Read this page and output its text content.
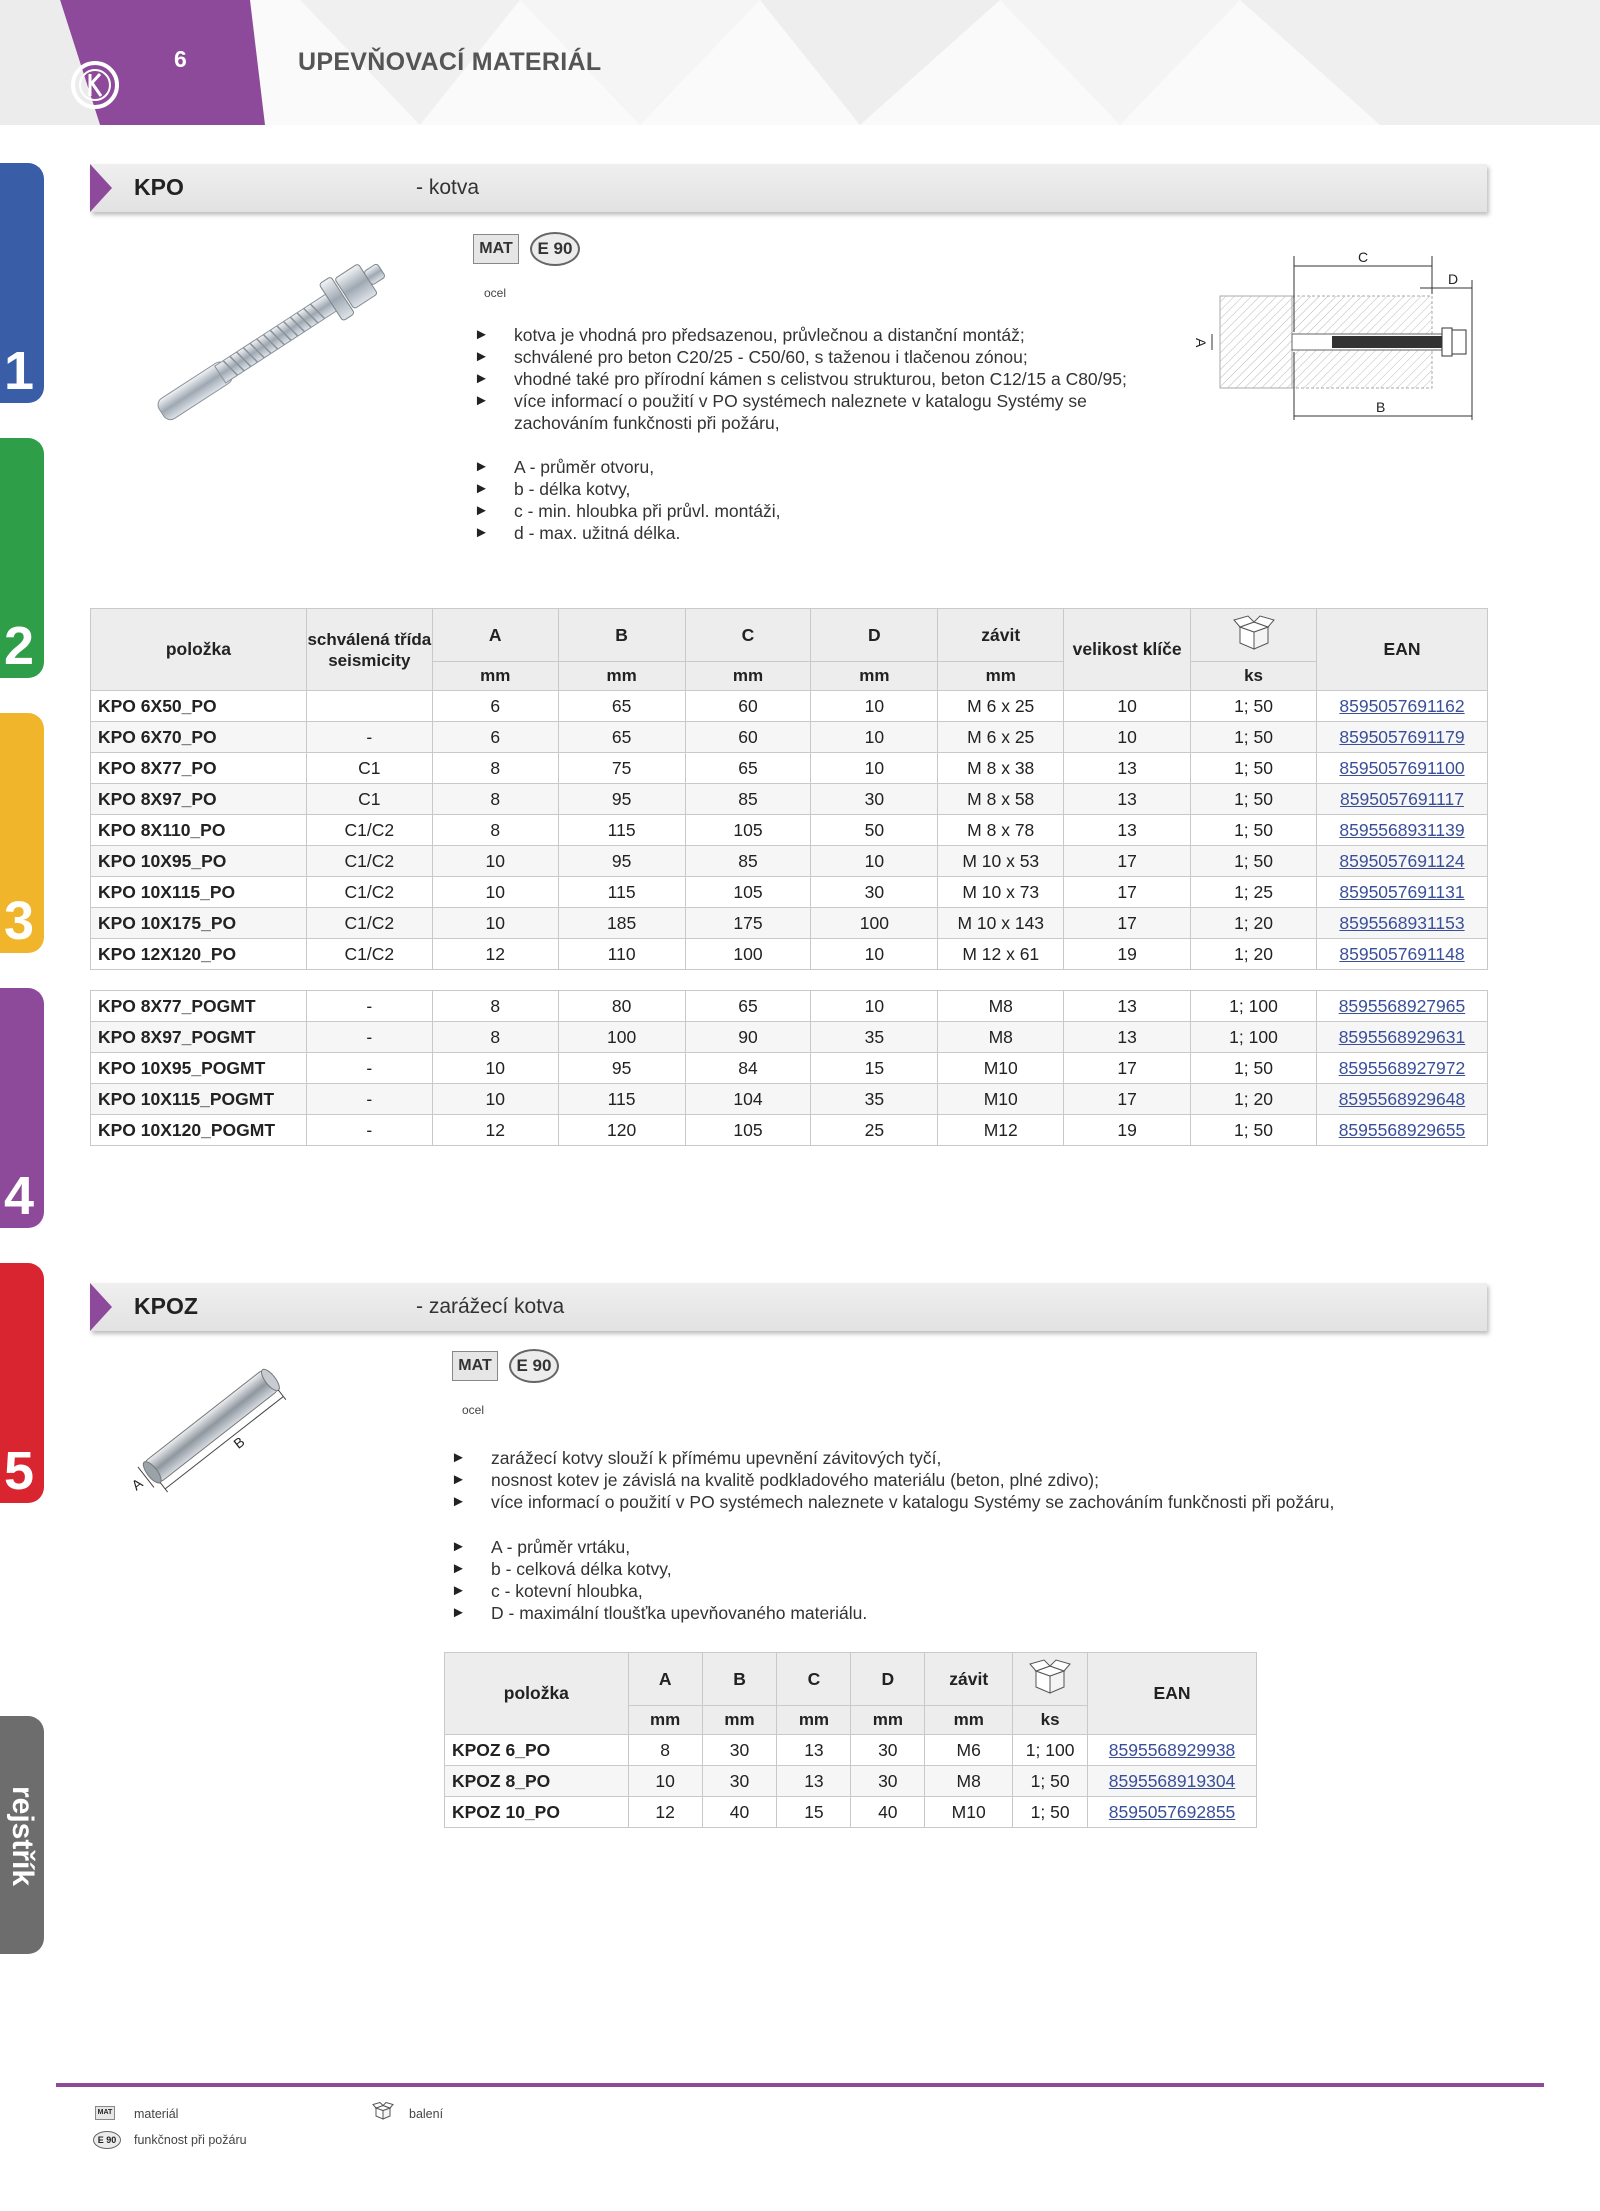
6	UPEVŇOVACÍ MATERIÁL
1
2
3
4
5
rejstřík
KPO	- kotva
MAT	E 90
ocel
► kotva je vhodná pro předsazenou, průvlečnou a distanční montáž;
► schválené pro beton C20/25 - C50/60, s taženou i tlačenou zónou;
► vhodné také pro přírodní kámen s celistvou strukturou, beton C12/15 a C80/95;
► více informací o použití v PO systémech naleznete v katalogu Systémy se zachováním funkčnosti při požáru,
► A - průměr otvoru,
► b - délka kotvy,
► c - min. hloubka při průvl. montáži,
► d - max. užitná délka.
C
D
B
A
položka	schválená třída seismicity	A	B	C	D	závit	velikost klíče		EAN
		mm	mm	mm	mm	mm		ks	
KPO 6X50_PO		6	65	60	10	M 6 x 25	10	1; 50	8595057691162
KPO 6X70_PO	-	6	65	60	10	M 6 x 25	10	1; 50	8595057691179
KPO 8X77_PO	C1	8	75	65	10	M 8 x 38	13	1; 50	8595057691100
KPO 8X97_PO	C1	8	95	85	30	M 8 x 58	13	1; 50	8595057691117
KPO 8X110_PO	C1/C2	8	115	105	50	M 8 x 78	13	1; 50	8595568931139
KPO 10X95_PO	C1/C2	10	95	85	10	M 10 x 53	17	1; 50	8595057691124
KPO 10X115_PO	C1/C2	10	115	105	30	M 10 x 73	17	1; 25	8595057691131
KPO 10X175_PO	C1/C2	10	185	175	100	M 10 x 143	17	1; 20	8595568931153
KPO 12X120_PO	C1/C2	12	110	100	10	M 12 x 61	19	1; 20	8595057691148
KPO 8X77_POGMT	-	8	80	65	10	M8	13	1; 100	8595568927965
KPO 8X97_POGMT	-	8	100	90	35	M8	13	1; 100	8595568929631
KPO 10X95_POGMT	-	10	95	84	15	M10	17	1; 50	8595568927972
KPO 10X115_POGMT	-	10	115	104	35	M10	17	1; 20	8595568929648
KPO 10X120_POGMT	-	12	120	105	25	M12	19	1; 50	8595568929655
KPOZ	- zarážecí kotva
B
A
MAT	E 90
ocel
► zarážecí kotvy slouží k přímému upevnění závitových tyčí,
► nosnost kotev je závislá na kvalitě podkladového materiálu (beton, plné zdivo);
► více informací o použití v PO systémech naleznete v katalogu Systémy se zachováním funkčnosti při požáru,
► A - průměr vrtáku,
► b - celková délka kotvy,
► c - kotevní hloubka,
► D - maximální tloušťka upevňovaného materiálu.
položka	A	B	C	D	závit		EAN
	mm	mm	mm	mm	mm	ks	
KPOZ 6_PO	8	30	13	30	M6	1; 100	8595568929938
KPOZ 8_PO	10	30	13	30	M8	1; 50	8595568919304
KPOZ 10_PO	12	40	15	40	M10	1; 50	8595057692855
MAT materiál	balení
E 90	funkčnost při požáru
